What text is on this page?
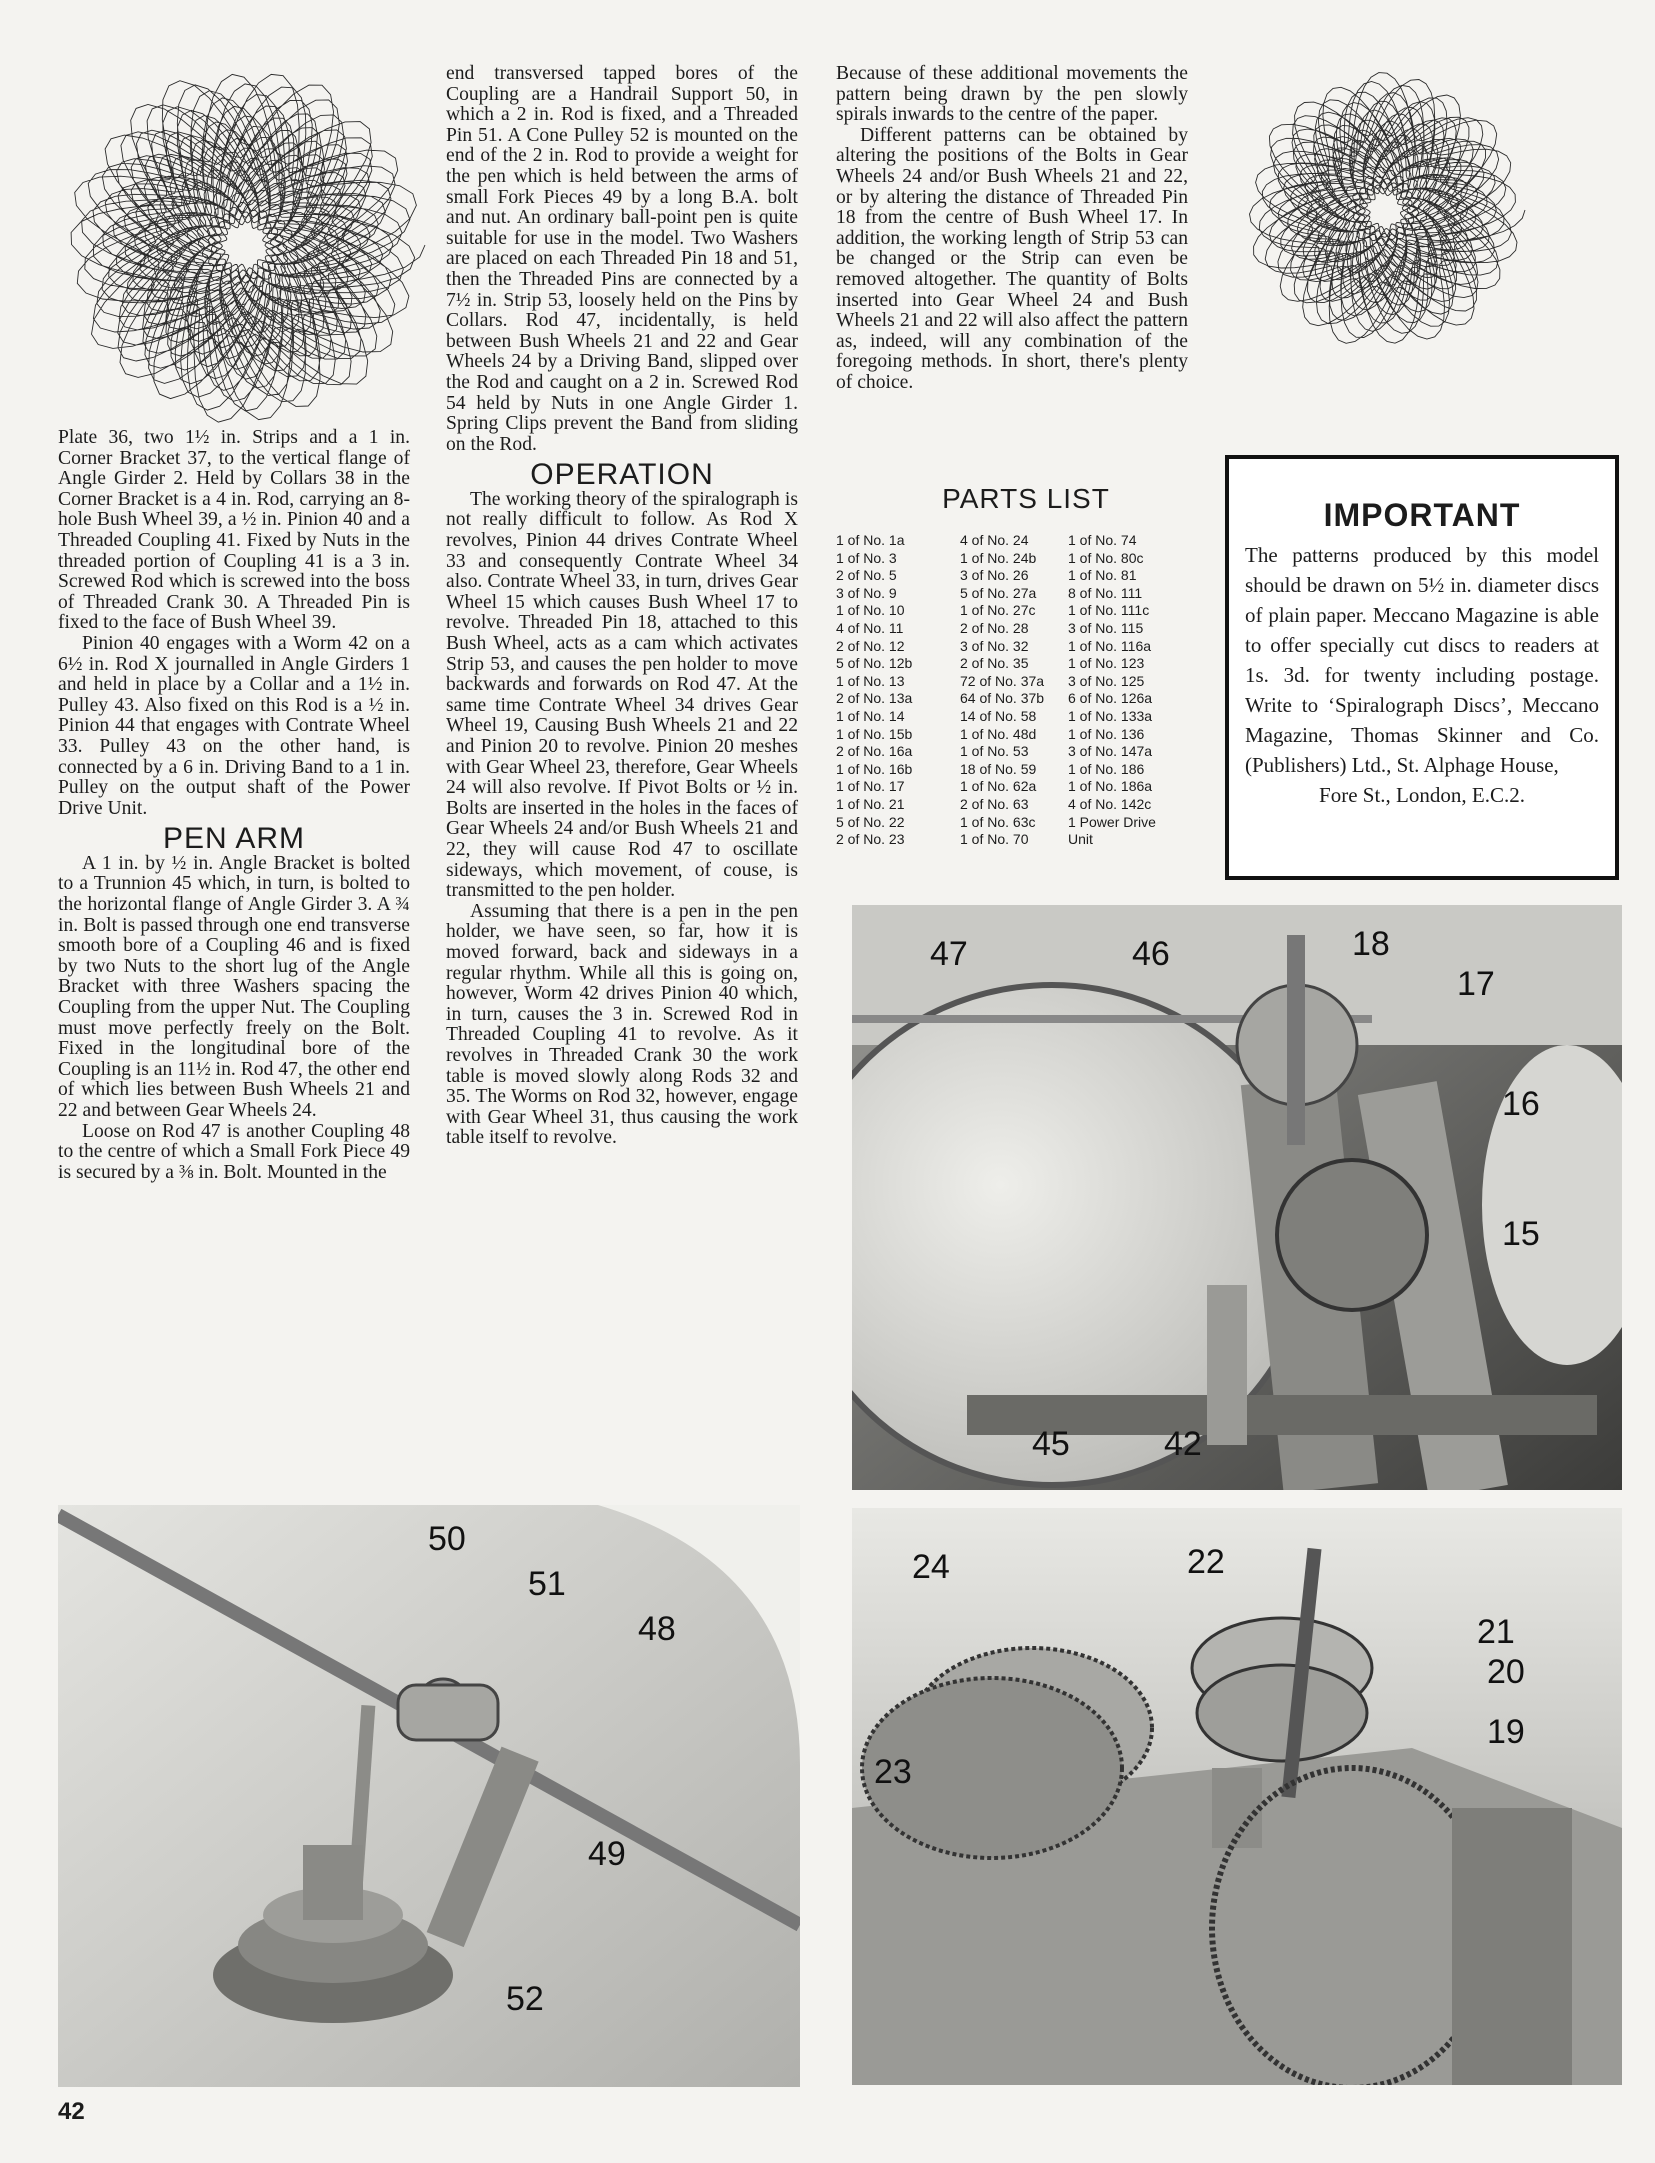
Plate 36, two 1½ in. Strips and a 1 in. Corner Bracket 37, to the vertical flange of Angle Girder 2. Held by Collars 38 in the Corner Bracket is a 4 in. Rod, carrying an 8-hole Bush Wheel 39, a ½ in. Pinion 40 and a Threaded Coupling 41. Fixed by Nuts in the threaded portion of Coupling 41 is a 3 in. Screwed Rod which is screwed into the boss of Threaded Crank 30. A Threaded Pin is fixed to the face of Bush Wheel 39.

Pinion 40 engages with a Worm 42 on a 6½ in. Rod X journalled in Angle Girders 1 and held in place by a Collar and a 1½ in. Pulley 43. Also fixed on this Rod is a ½ in. Pinion 44 that engages with Contrate Wheel 33. Pulley 43 on the other hand, is connected by a 6 in. Driving Band to a 1 in. Pulley on the output shaft of the Power Drive Unit.

PEN ARM

A 1 in. by ½ in. Angle Bracket is bolted to a Trunnion 45 which, in turn, is bolted to the horizontal flange of Angle Girder 3. A ¾ in. Bolt is passed through one end transverse smooth bore of a Coupling 46 and is fixed by two Nuts to the short lug of the Angle Bracket with three Washers spacing the Coupling from the upper Nut. The Coupling must move perfectly freely on the Bolt. Fixed in the longitudinal bore of the Coupling is an 11½ in. Rod 47, the other end of which lies between Bush Wheels 21 and 22 and between Gear Wheels 24.

Loose on Rod 47 is another Coupling 48 to the centre of which a Small Fork Piece 49 is secured by a ⅜ in. Bolt. Mounted in the

end transversed tapped bores of the Coupling are a Handrail Support 50, in which a 2 in. Rod is fixed, and a Threaded Pin 51. A Cone Pulley 52 is mounted on the end of the 2 in. Rod to provide a weight for the pen which is held between the arms of small Fork Pieces 49 by a long B.A. bolt and nut. An ordinary ball-point pen is quite suitable for use in the model. Two Washers are placed on each Threaded Pin 18 and 51, then the Threaded Pins are connected by a 7½ in. Strip 53, loosely held on the Pins by Collars. Rod 47, incidentally, is held between Bush Wheels 21 and 22 and Gear Wheels 24 by a Driving Band, slipped over the Rod and caught on a 2 in. Screwed Rod 54 held by Nuts in one Angle Girder 1. Spring Clips prevent the Band from sliding on the Rod.

OPERATION

The working theory of the spiralograph is not really difficult to follow. As Rod X revolves, Pinion 44 drives Contrate Wheel 33 and consequently Contrate Wheel 34 also. Contrate Wheel 33, in turn, drives Gear Wheel 15 which causes Bush Wheel 17 to revolve. Threaded Pin 18, attached to this Bush Wheel, acts as a cam which activates Strip 53, and causes the pen holder to move backwards and forwards on Rod 47. At the same time Contrate Wheel 34 drives Gear Wheel 19, Causing Bush Wheels 21 and 22 and Pinion 20 to revolve. Pinion 20 meshes with Gear Wheel 23, therefore, Gear Wheels 24 will also revolve. If Pivot Bolts or ½ in. Bolts are inserted in the holes in the faces of Gear Wheels 24 and/or Bush Wheels 21 and 22, they will cause Rod 47 to oscillate sideways, which movement, of couse, is transmitted to the pen holder.

Assuming that there is a pen in the pen holder, we have seen, so far, how it is moved forward, back and sideways in a regular rhythm. While all this is going on, however, Worm 42 drives Pinion 40 which, in turn, causes the 3 in. Screwed Rod in Threaded Coupling 41 to revolve. As it revolves in Threaded Crank 30 the work table is moved slowly along Rods 32 and 35. The Worms on Rod 32, however, engage with Gear Wheel 31, thus causing the work table itself to revolve.

Because of these additional movements the pattern being drawn by the pen slowly spirals inwards to the centre of the paper.

Different patterns can be obtained by altering the positions of the Bolts in Gear Wheels 24 and/or Bush Wheels 21 and 22, or by altering the distance of Threaded Pin 18 from the centre of Bush Wheel 17. In addition, the working length of Strip 53 can be changed or the Strip can even be removed altogether. The quantity of Bolts inserted into Gear Wheel 24 and Bush Wheels 21 and 22 will also affect the pattern as, indeed, will any combination of the foregoing methods. In short, there's plenty of choice.

PARTS LIST
1 of No. 1a	4 of No. 24	1 of No. 74
1 of No. 3	1 of No. 24b	1 of No. 80c
2 of No. 5	3 of No. 26	1 of No. 81
3 of No. 9	5 of No. 27a	8 of No. 111
1 of No. 10	1 of No. 27c	1 of No. 111c
4 of No. 11	2 of No. 28	3 of No. 115
2 of No. 12	3 of No. 32	1 of No. 116a
5 of No. 12b	2 of No. 35	1 of No. 123
1 of No. 13	72 of No. 37a	3 of No. 125
2 of No. 13a	64 of No. 37b	6 of No. 126a
1 of No. 14	14 of No. 58	1 of No. 133a
1 of No. 15b	1 of No. 48d	1 of No. 136
2 of No. 16a	1 of No. 53	3 of No. 147a
1 of No. 16b	18 of No. 59	1 of No. 186
1 of No. 17	1 of No. 62a	1 of No. 186a
1 of No. 21	2 of No. 63	4 of No. 142c
5 of No. 22	1 of No. 63c	1 Power Drive
2 of No. 23	1 of No. 70	Unit
IMPORTANT
The patterns produced by this model should be drawn on 5½ in. diameter discs of plain paper. Meccano Magazine is able to offer specially cut discs to readers at 1s. 3d. for twenty including postage. Write to ‘Spiralograph Discs’, Meccano Magazine, Thomas Skinner and Co. (Publishers) Ltd., St. Alphage House,
Fore St., London, E.C.2.
47	46	18
17
16
15
45	42
50
51
48
49
52
24	22
21
20
19
23
42
